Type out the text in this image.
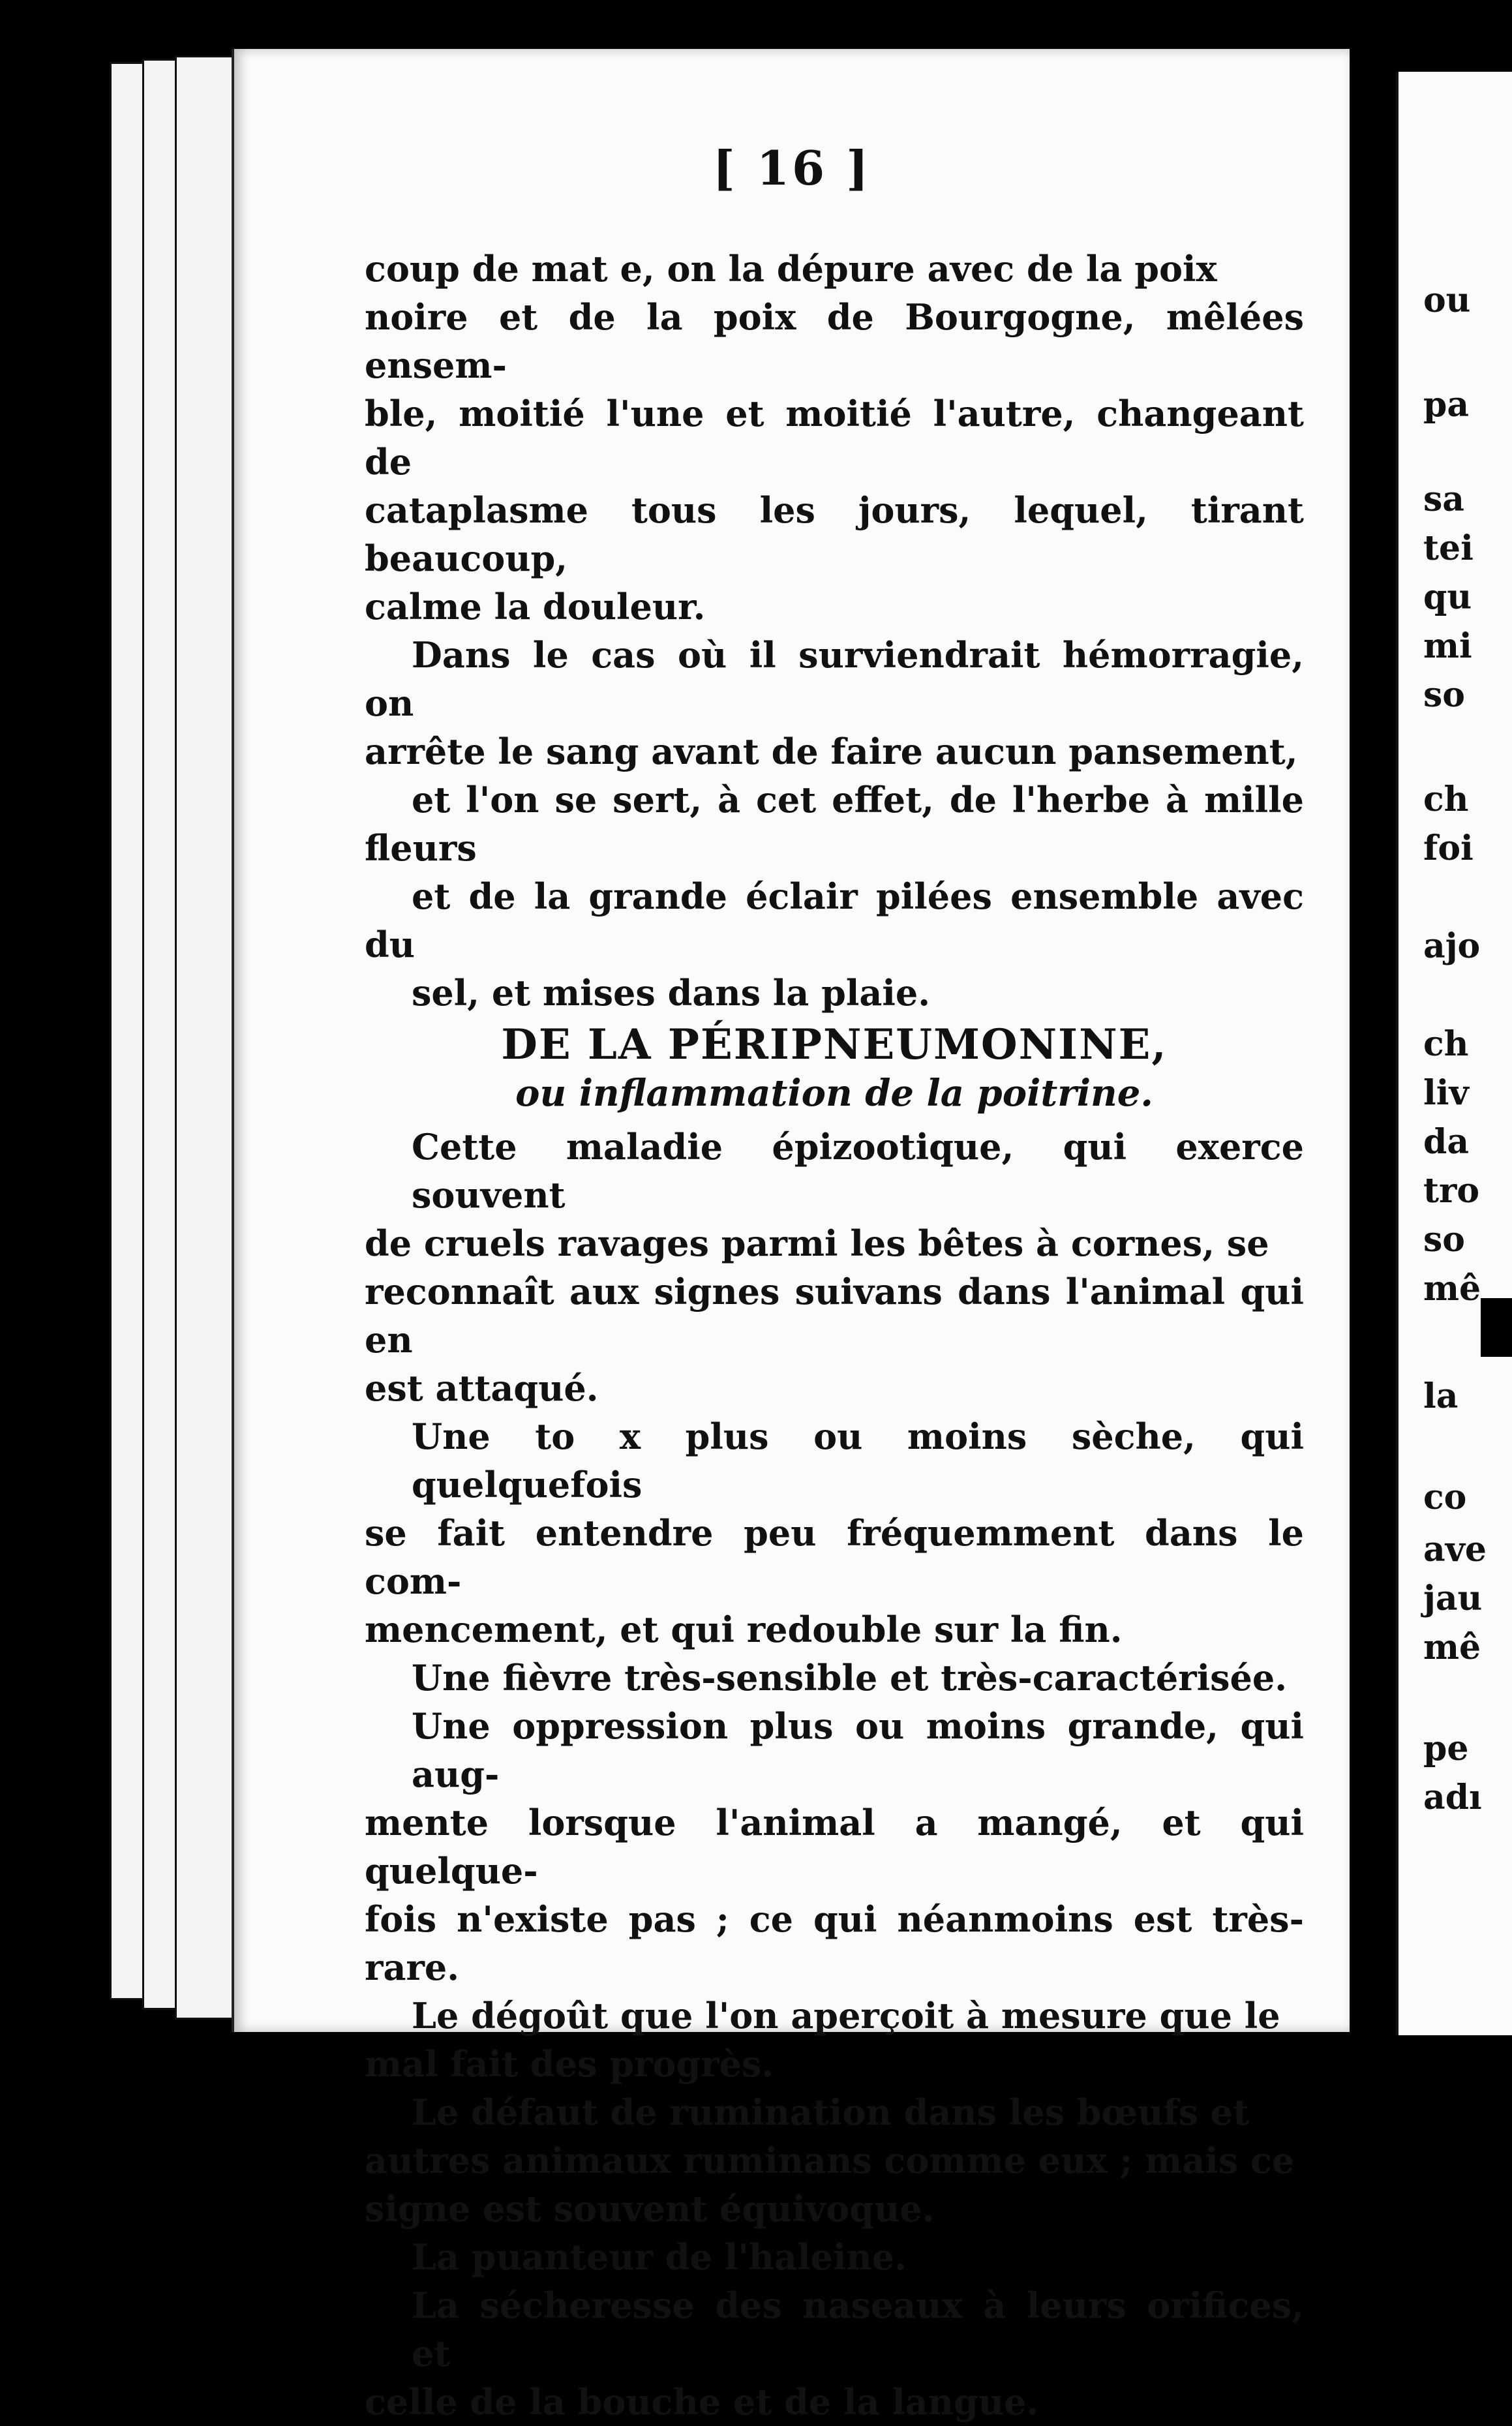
[ 16 ]

coup de mat e, on la dépure avec de la poix
noire et de la poix de Bourgogne, mêlées ensem-
ble, moitié l'une et moitié l'autre, changeant de
cataplasme tous les jours, lequel, tirant beaucoup,
calme la douleur.

Dans le cas où il surviendrait hémorragie, on
arrête le sang avant de faire aucun pansement,
et l'on se sert, à cet effet, de l'herbe à mille fleurs
et de la grande éclair pilées ensemble avec du
sel, et mises dans la plaie.

DE LA PÉRIPNEUMONINE,

ou inflammation de la poitrine.

Cette maladie épizootique, qui exerce souvent
de cruels ravages parmi les bêtes à cornes, se
reconnaît aux signes suivans dans l'animal qui en
est attaqué.

Une to x plus ou moins sèche, qui quelquefois
se fait entendre peu fréquemment dans le com-
mencement, et qui redouble sur la fin.

Une fièvre très-sensible et très-caractérisée.

Une oppression plus ou moins grande, qui aug-
mente lorsque l'animal a mangé, et qui quelque-
fois n'existe pas ; ce qui néanmoins est très-rare.

Le dégoût que l'on aperçoit à mesure que le
mal fait des progrès.

Le défaut de rumination dans les bœufs et
autres animaux ruminans comme eux ; mais ce
signe est souvent équivoque.

La puanteur de l'haleine.

La sécheresse des naseaux à leurs orifices, et
celle de la bouche et de la langue.

ou
pa
sa
tei
qu
mi
so
ch
foi
ajo
ch
liv
da
tro
so
mê
la
co
ave
jau
mê
pe
adı
